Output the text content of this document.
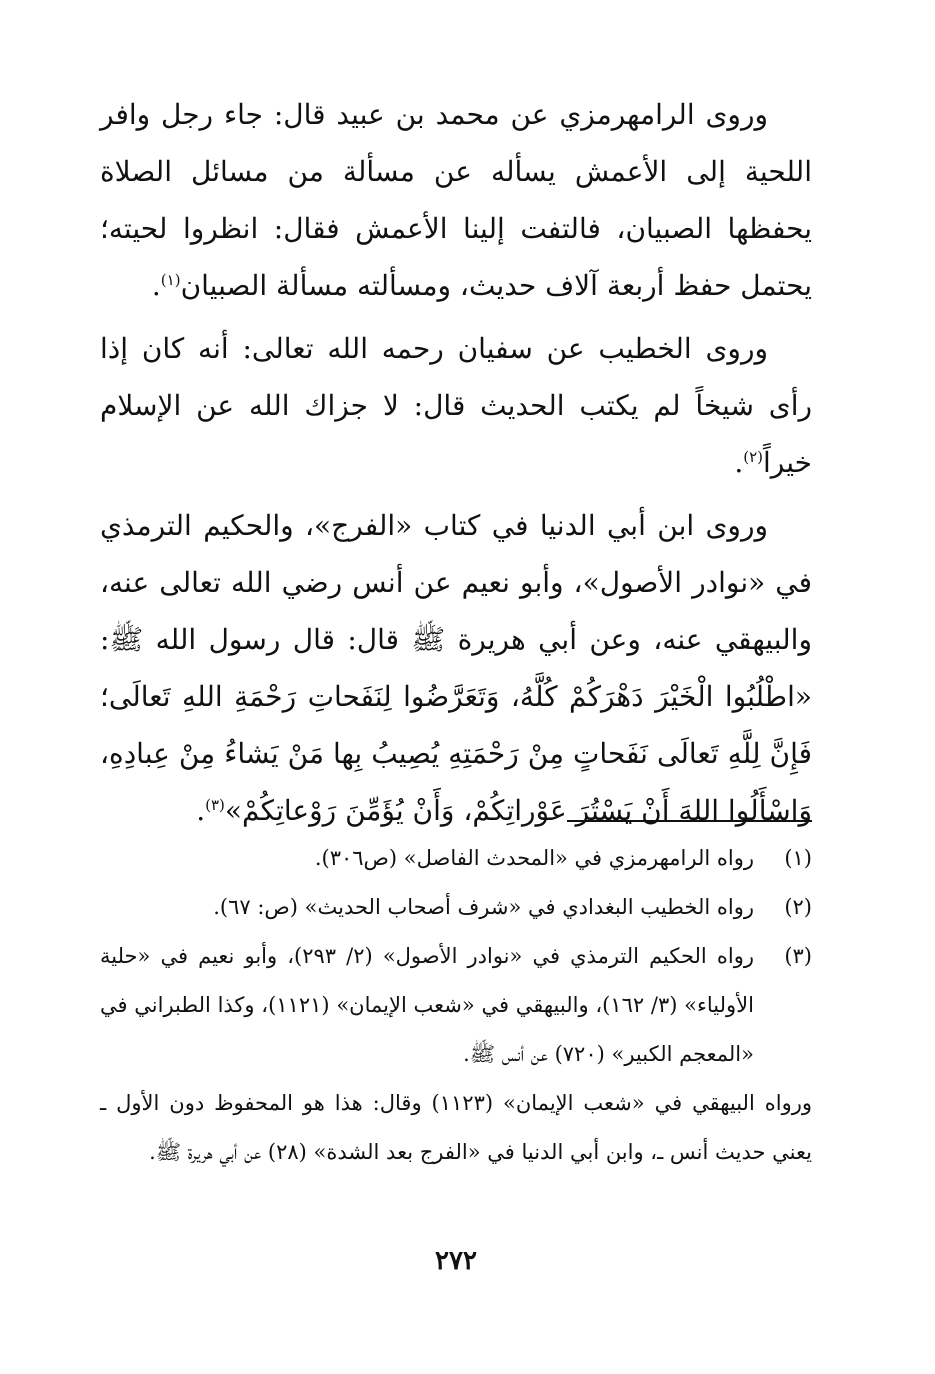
وروى الرامهرمزي عن محمد بن عبيد قال: جاء رجل وافر اللحية إلى الأعمش يسأله عن مسألة من مسائل الصلاة يحفظها الصبيان، فالتفت إلينا الأعمش فقال: انظروا لحيته؛ يحتمل حفظ أربعة آلاف حديث، ومسألته مسألة الصبيان$^{(١)}$.

وروى الخطيب عن سفيان رحمه الله تعالى: أنه كان إذا رأى شيخاً لم يكتب الحديث قال: لا جزاك الله عن الإسلام خيراً$^{(٢)}$.

وروى ابن أبي الدنيا في كتاب «الفرج»، والحكيم الترمذي في «نوادر الأصول»، وأبو نعيم عن أنس رضي الله تعالى عنه، والبيهقي عنه، وعن أبي هريرة ﷺ قال: قال رسول الله ﷺ: «اطْلُبُوا الْخَيْرَ دَهْرَكُمْ كُلَّهُ، وَتَعَرَّضُوا لِنَفَحاتِ رَحْمَةِ اللهِ تَعالَى؛ فَإِنَّ لِلَّهِ تَعالَى نَفَحاتٍ مِنْ رَحْمَتِهِ يُصِيبُ بِها مَنْ يَشاءُ مِنْ عِبادِهِ، وَاسْأَلُوا اللهَ أَنْ يَسْتُرَ عَوْراتِكُمْ، وَأَنْ يُؤَمِّنَ رَوْعاتِكُمْ»$^{(٣)}$.

(١)
رواه الرامهرمزي في «المحدث الفاصل» (ص٣٠٦).
(٢)
رواه الخطيب البغدادي في «شرف أصحاب الحديث» (ص: ٦٧).
(٣)
رواه الحكيم الترمذي في «نوادر الأصول» (٢/ ٢٩٣)، وأبو نعيم في «حلية الأولياء» (٣/ ١٦٢)، والبيهقي في «شعب الإيمان» (١١٢١)، وكذا الطبراني في «المعجم الكبير» (٧٢٠) عن أنس ﷺ.

ورواه البيهقي في «شعب الإيمان» (١١٢٣) وقال: هذا هو المحفوظ دون الأول ـ يعني حديث أنس ـ، وابن أبي الدنيا في «الفرج بعد الشدة» (٢٨) عن أبي هريرة ﷺ.

٢٧٢
